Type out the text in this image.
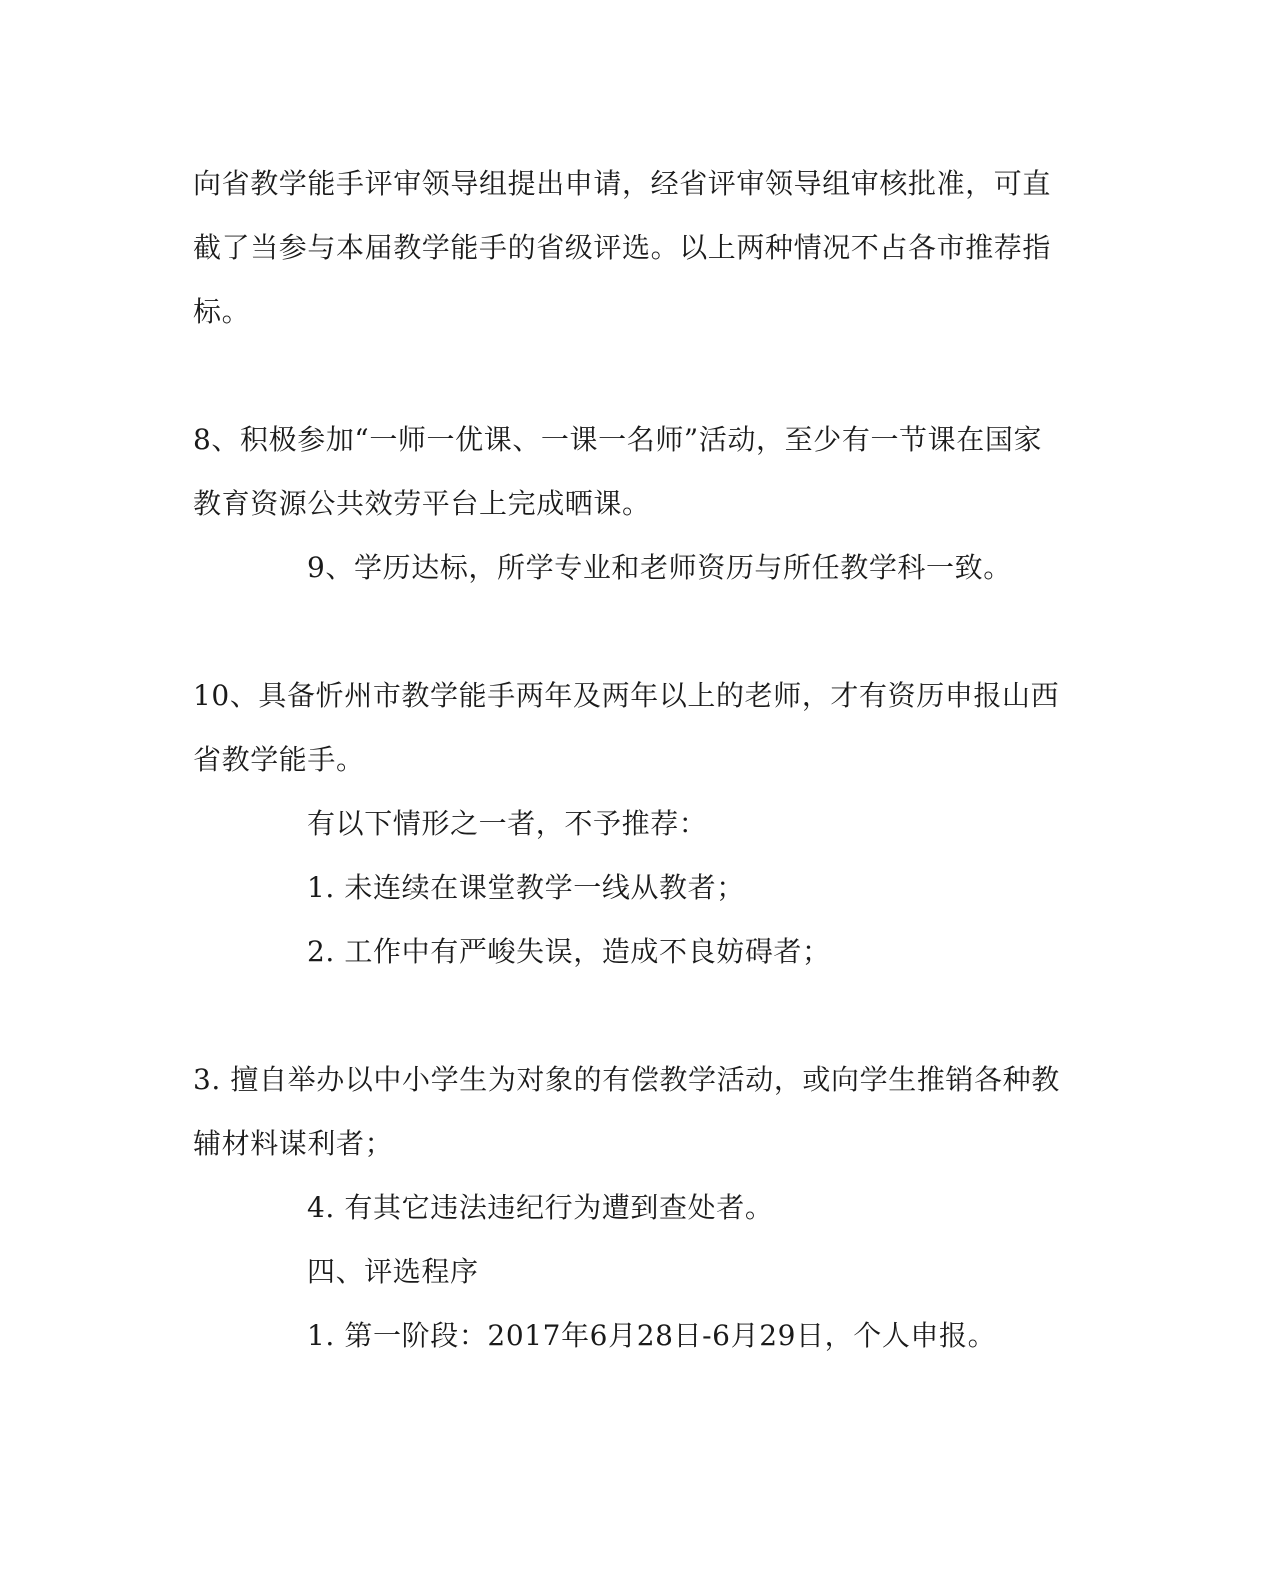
向省教学能手评审领导组提出申请，经省评审领导组审核批准，可直
截了当参与本届教学能手的省级评选。以上两种情况不占各市推荐指
标。
8、积极参加“一师一优课、一课一名师”活动，至少有一节课在国家
教育资源公共效劳平台上完成晒课。
9、学历达标，所学专业和老师资历与所任教学科一致。
10、具备忻州市教学能手两年及两年以上的老师，才有资历申报山西
省教学能手。
有以下情形之一者，不予推荐：
1. 未连续在课堂教学一线从教者；
2. 工作中有严峻失误，造成不良妨碍者；
3. 擅自举办以中小学生为对象的有偿教学活动，或向学生推销各种教
辅材料谋利者；
4. 有其它违法违纪行为遭到查处者。
四、评选程序
1. 第一阶段：2017年6月28日-6月29日，个人申报。
